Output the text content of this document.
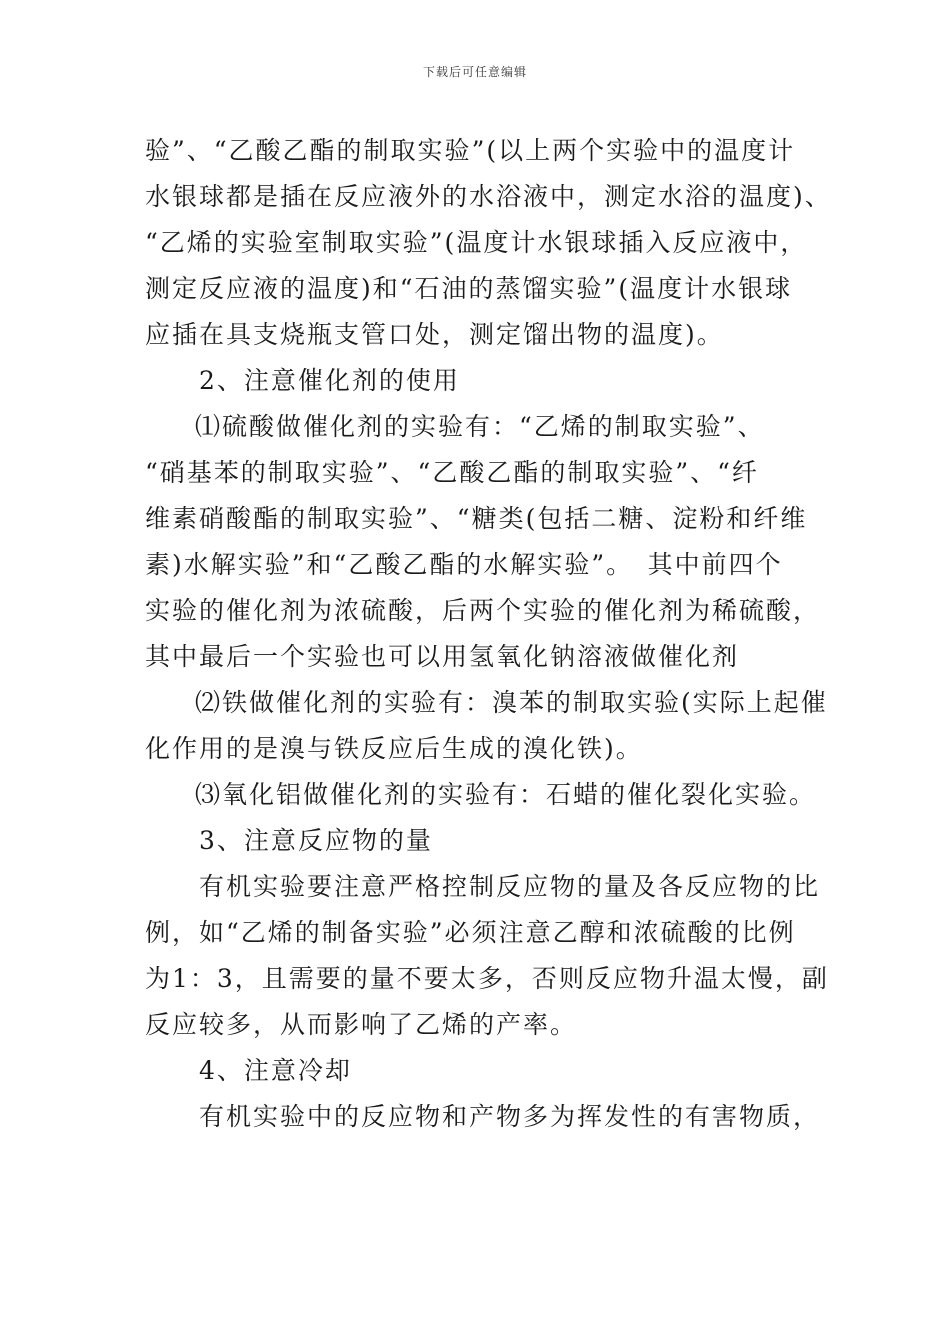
下载后可任意编辑

验”、“乙酸乙酯的制取实验”(以上两个实验中的温度计

水银球都是插在反应液外的水浴液中，测定水浴的温度)、

“乙烯的实验室制取实验”(温度计水银球插入反应液中，

测定反应液的温度)和“石油的蒸馏实验”(温度计水银球

应插在具支烧瓶支管口处，测定馏出物的温度)。

2、注意催化剂的使用

⑴硫酸做催化剂的实验有：“乙烯的制取实验”、

“硝基苯的制取实验”、“乙酸乙酯的制取实验”、“纤

维素硝酸酯的制取实验”、“糖类(包括二糖、淀粉和纤维

素)水解实验”和“乙酸乙酯的水解实验”。　其中前四个

实验的催化剂为浓硫酸，后两个实验的催化剂为稀硫酸，

其中最后一个实验也可以用氢氧化钠溶液做催化剂

⑵铁做催化剂的实验有：溴苯的制取实验(实际上起催

化作用的是溴与铁反应后生成的溴化铁)。

⑶氧化铝做催化剂的实验有：石蜡的催化裂化实验。

3、注意反应物的量

有机实验要注意严格控制反应物的量及各反应物的比

例，如“乙烯的制备实验”必须注意乙醇和浓硫酸的比例

为1：3，且需要的量不要太多，否则反应物升温太慢，副

反应较多，从而影响了乙烯的产率。

4、注意冷却

有机实验中的反应物和产物多为挥发性的有害物质，
